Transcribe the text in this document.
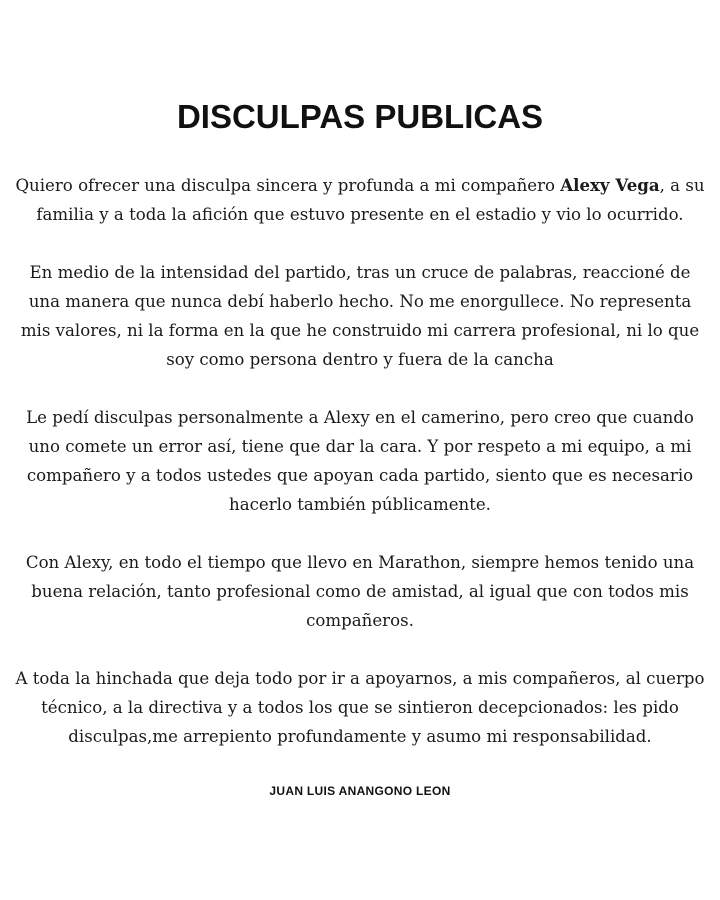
DISCULPAS PUBLICAS

Quiero ofrecer una disculpa sincera y profunda a mi compañero Alexy Vega, a su familia y a toda la afición que estuvo presente en el estadio y vio lo ocurrido.

En medio de la intensidad del partido, tras un cruce de palabras, reaccioné de una manera que nunca debí haberlo hecho. No me enorgullece. No representa mis valores, ni la forma en la que he construido mi carrera profesional, ni lo que soy como persona dentro y fuera de la cancha

Le pedí disculpas personalmente a Alexy en el camerino, pero creo que cuando uno comete un error así, tiene que dar la cara. Y por respeto a mi equipo, a mi compañero y a todos ustedes que apoyan cada partido, siento que es necesario hacerlo también públicamente.

Con Alexy, en todo el tiempo que llevo en Marathon, siempre hemos tenido una buena relación, tanto profesional como de amistad, al igual que con todos mis compañeros.

A toda la hinchada que deja todo por ir a apoyarnos, a mis compañeros, al cuerpo técnico, a la directiva y a todos los que se sintieron decepcionados: les pido disculpas,me arrepiento profundamente y asumo mi responsabilidad.

JUAN LUIS ANANGONO LEON
